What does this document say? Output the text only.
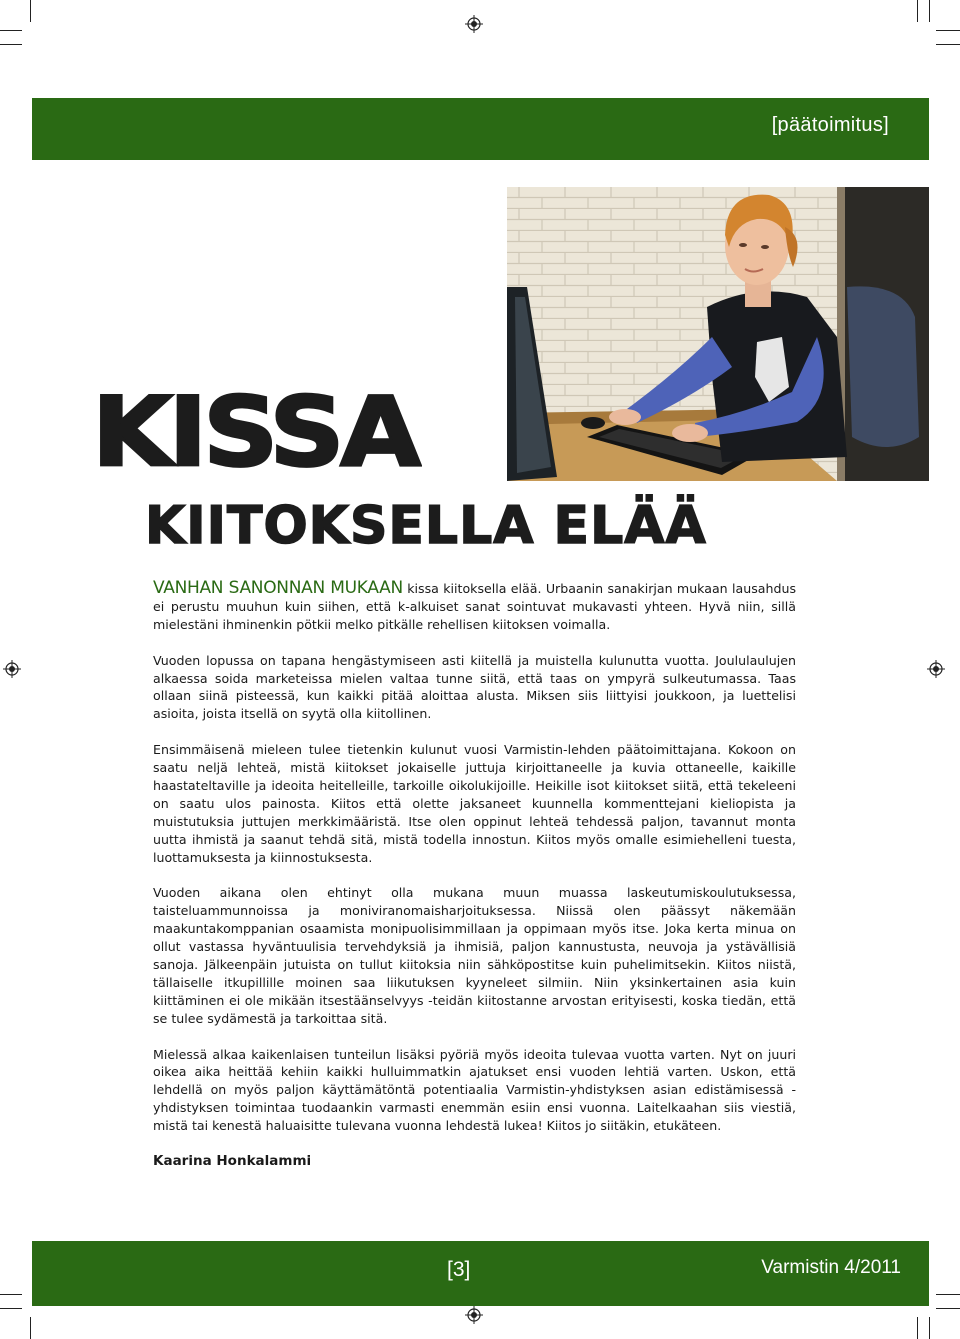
[päätoimitus]
KISSA
KIITOKSELLA ELÄÄ

VANHAN SANONNAN MUKAAN kissa kiitoksella elää. Urbaanin sanakirjan mukaan lausahdus ei perustu muuhun kuin siihen, että k-alkuiset sanat sointuvat mukavasti yhteen. Hyvä niin, sillä mielestäni ihminenkin pötkii melko pitkälle rehellisen kiitoksen voimalla.

Vuoden lopussa on tapana hengästymiseen asti kiitellä ja muistella kulunutta vuotta. Joululaulujen alkaessa soida marketeissa mielen valtaa tunne siitä, että taas on ympyrä sulkeutumassa. Taas ollaan siinä pisteessä, kun kaikki pitää aloittaa alusta. Miksen siis liittyisi joukkoon, ja luettelisi asioita, joista itsellä on syytä olla kiitollinen.

Ensimmäisenä mieleen tulee tietenkin kulunut vuosi Varmistin-lehden päätoimittajana. Kokoon on saatu neljä lehteä, mistä kiitokset jokaiselle juttuja kirjoittaneelle ja kuvia ottaneelle, kaikille haastateltaville ja ideoita heitelleille, tarkoille oikolukijoille. Heikille isot kiitokset siitä, että tekeleeni on saatu ulos painosta. Kiitos että olette jaksaneet kuunnella kommenttejani kieliopista ja muistutuksia juttujen merkkimääristä. Itse olen oppinut lehteä tehdessä paljon, tavannut monta uutta ihmistä ja saanut tehdä sitä, mistä todella innostun. Kiitos myös omalle esimiehelleni tuesta, luottamuksesta ja kiinnostuksesta.

Vuoden aikana olen ehtinyt olla mukana muun muassa laskeutumiskoulutuksessa, taisteluammunnoissa ja moniviranomaisharjoituksessa. Niissä olen päässyt näkemään maakuntakomppanian osaamista monipuolisimmillaan ja oppimaan myös itse. Joka kerta minua on ollut vastassa hyväntuulisia tervehdyksiä ja ihmisiä, paljon kannustusta, neuvoja ja ystävällisiä sanoja. Jälkeenpäin jutuista on tullut kiitoksia niin sähköpostitse kuin puhelimitsekin. Kiitos niistä, tällaiselle itkupillille moinen saa liikutuksen kyyneleet silmiin. Niin yksinkertainen asia kuin kiittäminen ei ole mikään itsestäänselvyys -teidän kiitostanne arvostan erityisesti, koska tiedän, että se tulee sydämestä ja tarkoittaa sitä.

Mielessä alkaa kaikenlaisen tunteilun lisäksi pyöriä myös ideoita tulevaa vuotta varten. Nyt on juuri oikea aika heittää kehiin kaikki hulluimmatkin ajatukset ensi vuoden lehtiä varten. Uskon, että lehdellä on myös paljon käyttämätöntä potentiaalia Varmistin-yhdistyksen asian edistämisessä - yhdistyksen toimintaa tuodaankin varmasti enemmän esiin ensi vuonna. Laitelkaahan siis viestiä, mistä tai kenestä haluaisitte tulevana vuonna lehdestä lukea! Kiitos jo siitäkin, etukäteen.

Kaarina Honkalammi

[3]	Varmistin 4/2011
